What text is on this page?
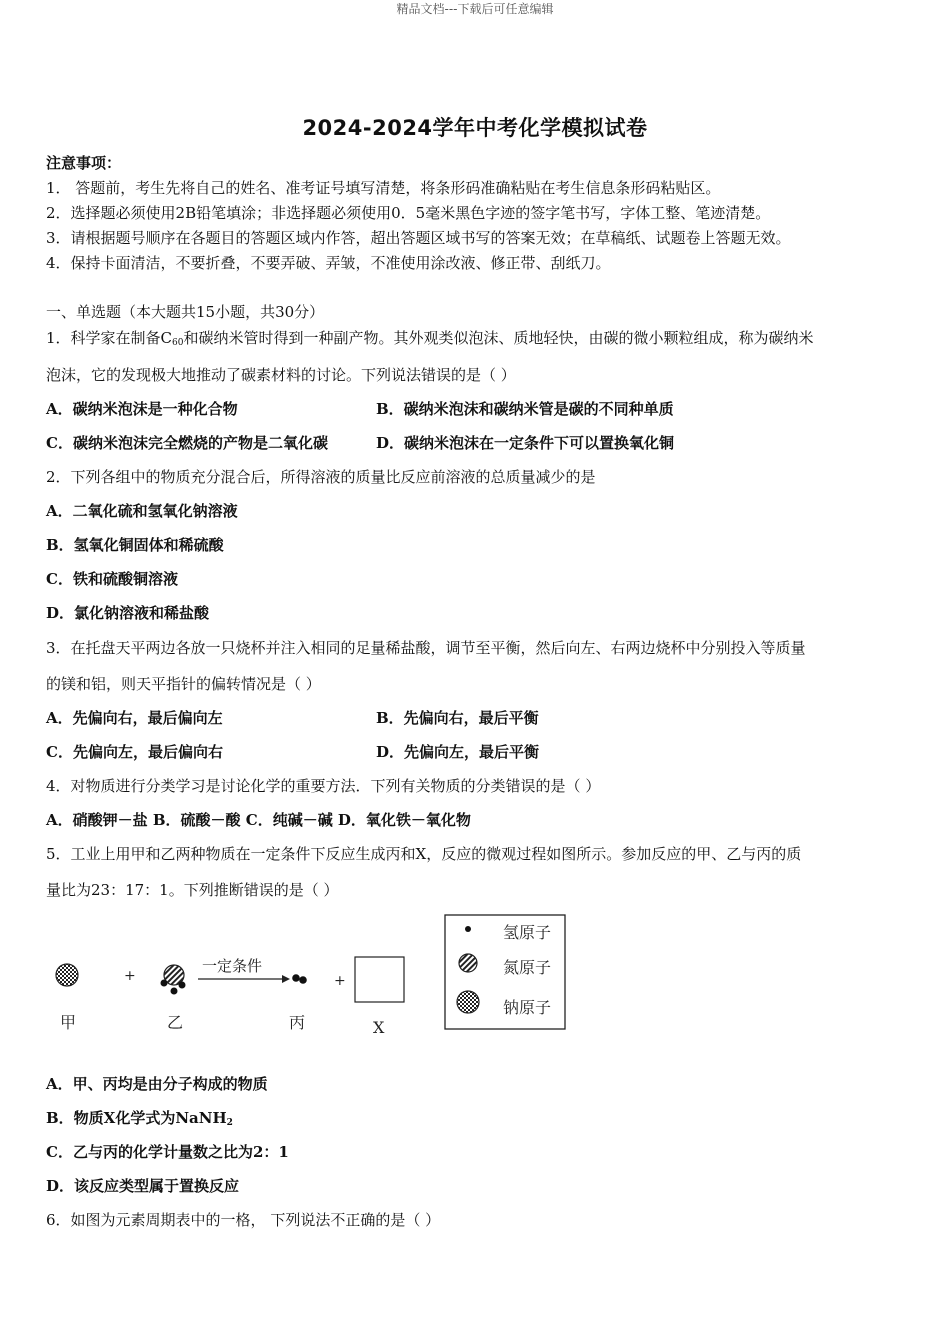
精品文档---下载后可任意编辑
2024-2024学年中考化学模拟试卷
注意事项：
1． 答题前，考生先将自己的姓名、准考证号填写清楚，将条形码准确粘贴在考生信息条形码粘贴区。
2．选择题必须使用2B铅笔填涂；非选择题必须使用0．5毫米黑色字迹的签字笔书写，字体工整、笔迹清楚。
3．请根据题号顺序在各题目的答题区域内作答，超出答题区域书写的答案无效；在草稿纸、试题卷上答题无效。
4．保持卡面清洁，不要折叠，不要弄破、弄皱，不准使用涂改液、修正带、刮纸刀。
一、单选题（本大题共15小题，共30分）
1．科学家在制备$C_{60}$和碳纳米管时得到一种副产物。其外观类似泡沫、质地轻快，由碳的微小颗粒组成，称为碳纳米
泡沫，它的发现极大地推动了碳素材料的讨论。下列说法错误的是（ ）
A．碳纳米泡沫是一种化合物	B．碳纳米泡沫和碳纳米管是碳的不同种单质
C．碳纳米泡沫完全燃烧的产物是二氧化碳	D．碳纳米泡沫在一定条件下可以置换氧化铜
2．下列各组中的物质充分混合后，所得溶液的质量比反应前溶液的总质量减少的是
A．二氧化硫和氢氧化钠溶液
B．氢氧化铜固体和稀硫酸
C．铁和硫酸铜溶液
D．氯化钠溶液和稀盐酸
3．在托盘天平两边各放一只烧杯并注入相同的足量稀盐酸，调节至平衡，然后向左、右两边烧杯中分别投入等质量
的镁和铝，则天平指针的偏转情况是（ ）
A．先偏向右，最后偏向左	B．先偏向右，最后平衡
C．先偏向左，最后偏向右	D．先偏向左，最后平衡
4．对物质进行分类学习是讨论化学的重要方法．下列有关物质的分类错误的是（ ）
A．硝酸钾－盐 B．硫酸－酸 C．纯碱－碱 D．氧化铁－氧化物
5．工业上用甲和乙两种物质在一定条件下反应生成丙和X，反应的微观过程如图所示。参加反应的甲、乙与丙的质
量比为23：17：1。下列推断错误的是（ ）
+
一定条件
+
甲	乙	丙	X
氢原子
氮原子
钠原子
A．甲、丙均是由分子构成的物质
B．物质X化学式为NaNH$_2$
C．乙与丙的化学计量数之比为2：1
D．该反应类型属于置换反应
6．如图为元素周期表中的一格， 下列说法不正确的是（ ）
